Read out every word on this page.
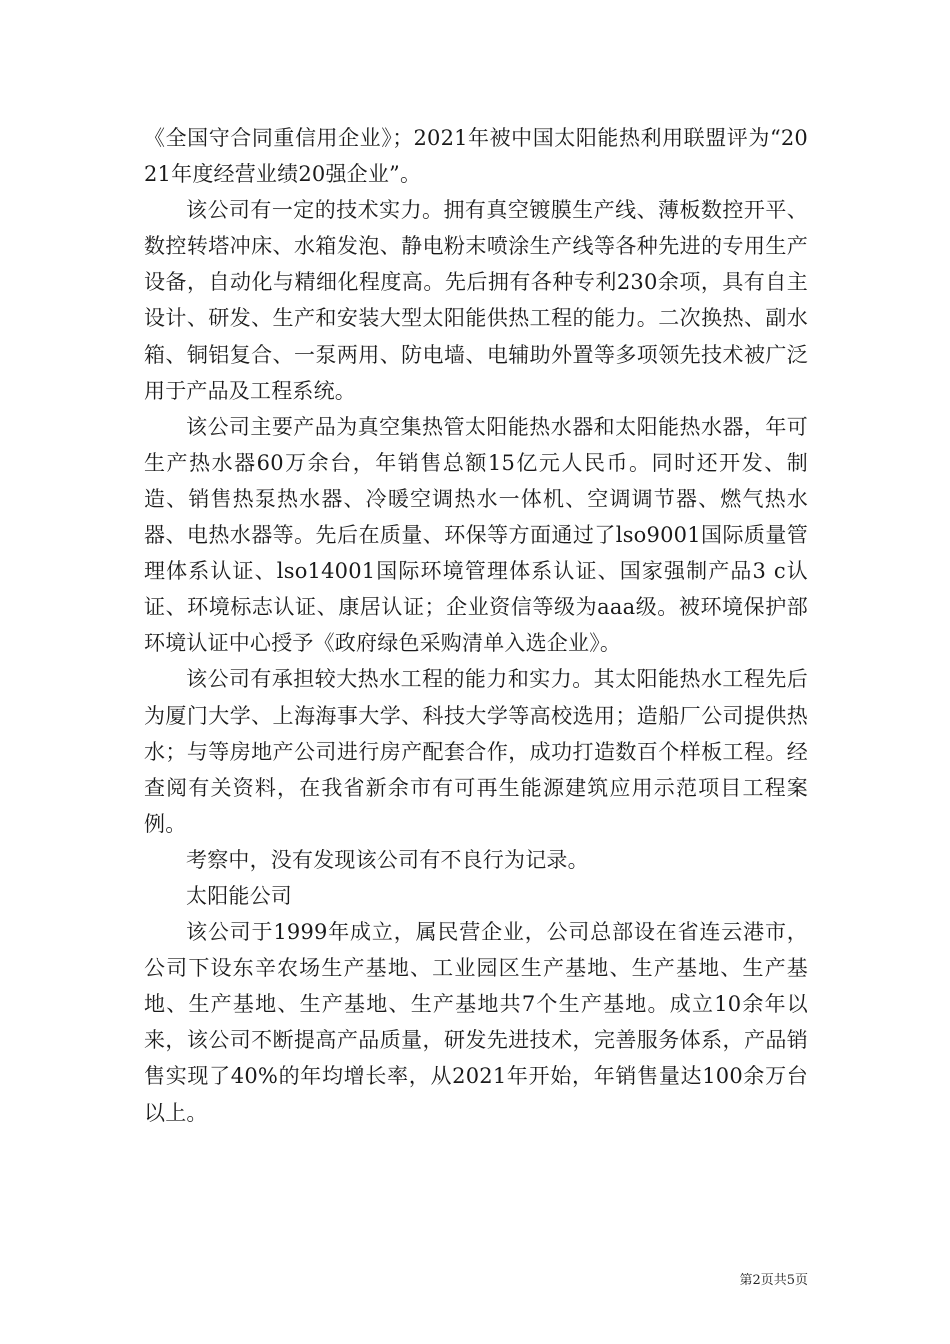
《全国守合同重信用企业》；2021年被中国太阳能热利用联盟评为“2021年度经营业绩20强企业”。

该公司有一定的技术实力。拥有真空镀膜生产线、薄板数控开平、数控转塔冲床、水箱发泡、静电粉末喷涂生产线等各种先进的专用生产设备，自动化与精细化程度高。先后拥有各种专利230余项，具有自主设计、研发、生产和安装大型太阳能供热工程的能力。二次换热、副水箱、铜铝复合、一泵两用、防电墙、电辅助外置等多项领先技术被广泛用于产品及工程系统。

该公司主要产品为真空集热管太阳能热水器和太阳能热水器，年可生产热水器60万余台，年销售总额15亿元人民币。同时还开发、制造、销售热泵热水器、冷暖空调热水一体机、空调调节器、燃气热水器、电热水器等。先后在质量、环保等方面通过了lso9001国际质量管理体系认证、lso14001国际环境管理体系认证、国家强制产品3 c认证、环境标志认证、康居认证；企业资信等级为aaa级。被环境保护部环境认证中心授予《政府绿色采购清单入选企业》。

该公司有承担较大热水工程的能力和实力。其太阳能热水工程先后为厦门大学、上海海事大学、科技大学等高校选用；造船厂公司提供热水；与等房地产公司进行房产配套合作，成功打造数百个样板工程。经查阅有关资料，在我省新余市有可再生能源建筑应用示范项目工程案例。

考察中，没有发现该公司有不良行为记录。

太阳能公司

该公司于1999年成立，属民营企业，公司总部设在省连云港市，公司下设东辛农场生产基地、工业园区生产基地、生产基地、生产基地、生产基地、生产基地、生产基地共7个生产基地。成立10余年以来，该公司不断提高产品质量，研发先进技术，完善服务体系，产品销售实现了40%的年均增长率，从2021年开始，年销售量达100余万台以上。

第2页共5页
